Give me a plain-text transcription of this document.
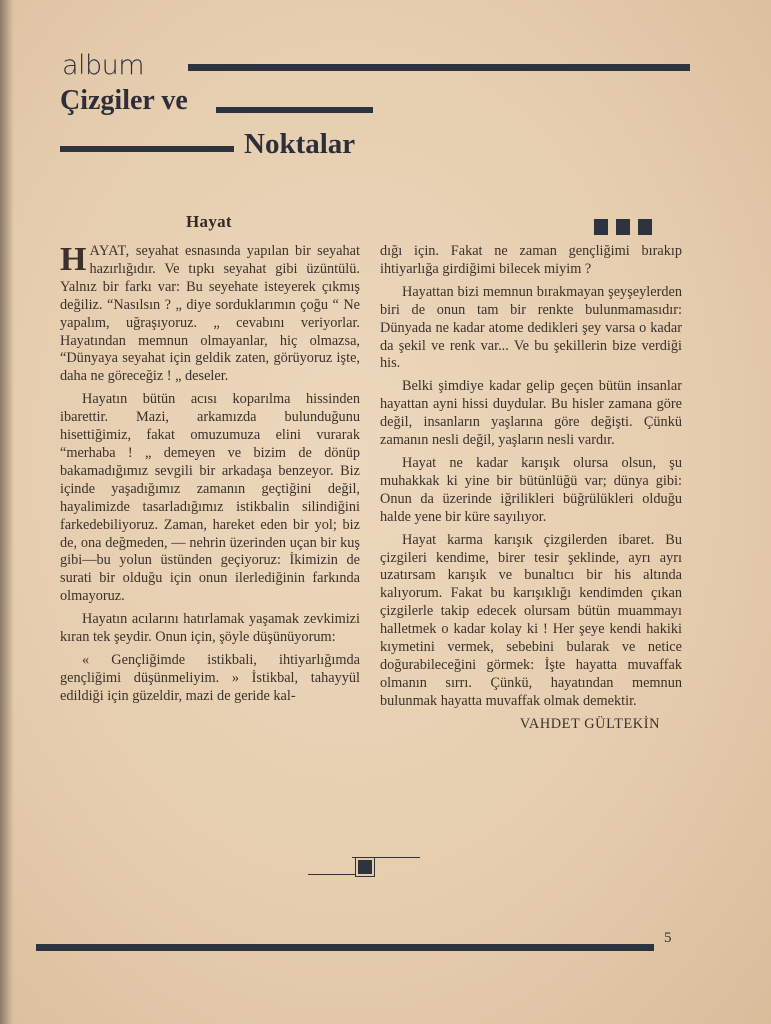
album
Çizgiler ve
Noktalar
Hayat

HAYAT, seyahat esnasında yapılan bir seyahat hazırlığıdır. Ve tıpkı seyahat gibi üzüntülü. Yalnız bir farkı var: Bu seyehate isteyerek çıkmış değiliz. “Nasılsın ? „ diye sorduklarımın çoğu “ Ne yapalım, uğraşıyoruz. „ cevabını veriyorlar. Hayatından memnun olmayanlar, hiç olmazsa, “Dünyaya seyahat için geldik zaten, görüyoruz işte, daha ne göreceğiz ! „ deseler.

Hayatın bütün acısı koparılma hissinden ibarettir. Mazi, arkamızda bulunduğunu hisettiğimiz, fakat omuzumuza elini vurarak “merhaba ! „ demeyen ve bizim de dönüp bakamadığımız sevgili bir arkadaşa benzeyor. Biz içinde yaşadığımız zamanın geçtiğini değil, hayalimizde tasarladığımız istikbalin silindiğini farkedebiliyoruz. Zaman, hareket eden bir yol; biz de, ona değmeden, — nehrin üzerinden uçan bir kuş gibi—bu yolun üstünden geçiyoruz: İkimizin de surati bir olduğu için onun ilerlediğinin farkında olmayoruz.

Hayatın acılarını hatırlamak yaşamak zevkimizi kıran tek şeydir. Onun için, şöyle düşünüyorum:

« Gençliğimde istikbali, ihtiyarlığımda gençliğimi düşünmeliyim. » İstikbal, tahayyül edildiği için güzeldir, mazi de geride kal-

dığı için. Fakat ne zaman gençliğimi bırakıp ihtiyarlığa girdiğimi bilecek miyim ?

Hayattan bizi memnun bırakmayan şeyşeylerden biri de onun tam bir renkte bulunmamasıdır: Dünyada ne kadar atome dedikleri şey varsa o kadar da şekil ve renk var... Ve bu şekillerin bize verdiği his.

Belki şimdiye kadar gelip geçen bütün insanlar hayattan ayni hissi duydular. Bu hisler zamana göre değil, insanların yaşlarına göre değişti. Çünkü zamanın nesli değil, yaşların nesli vardır.

Hayat ne kadar karışık olursa olsun, şu muhakkak ki yine bir bütünlüğü var; dünya gibi: Onun da üzerinde iğrilikleri büğrülükleri olduğu halde yene bir küre sayılıyor.

Hayat karma karışık çizgilerden ibaret. Bu çizgileri kendime, birer tesir şeklinde, ayrı ayrı uzatırsam karışık ve bunaltıcı bir his altında kalıyorum. Fakat bu karışıklığı kendimden çıkan çizgilerle takip edecek olursam bütün muammayı halletmek o kadar kolay ki ! Her şeye kendi hakiki kıymetini vermek, sebebini bularak ve netice doğurabileceğini görmek: İşte hayatta muvaffak olmanın sırrı. Çünkü, hayatından memnun bulunmak hayatta muvaffak olmak demektir.

VAHDET GÜLTEKİN

5
